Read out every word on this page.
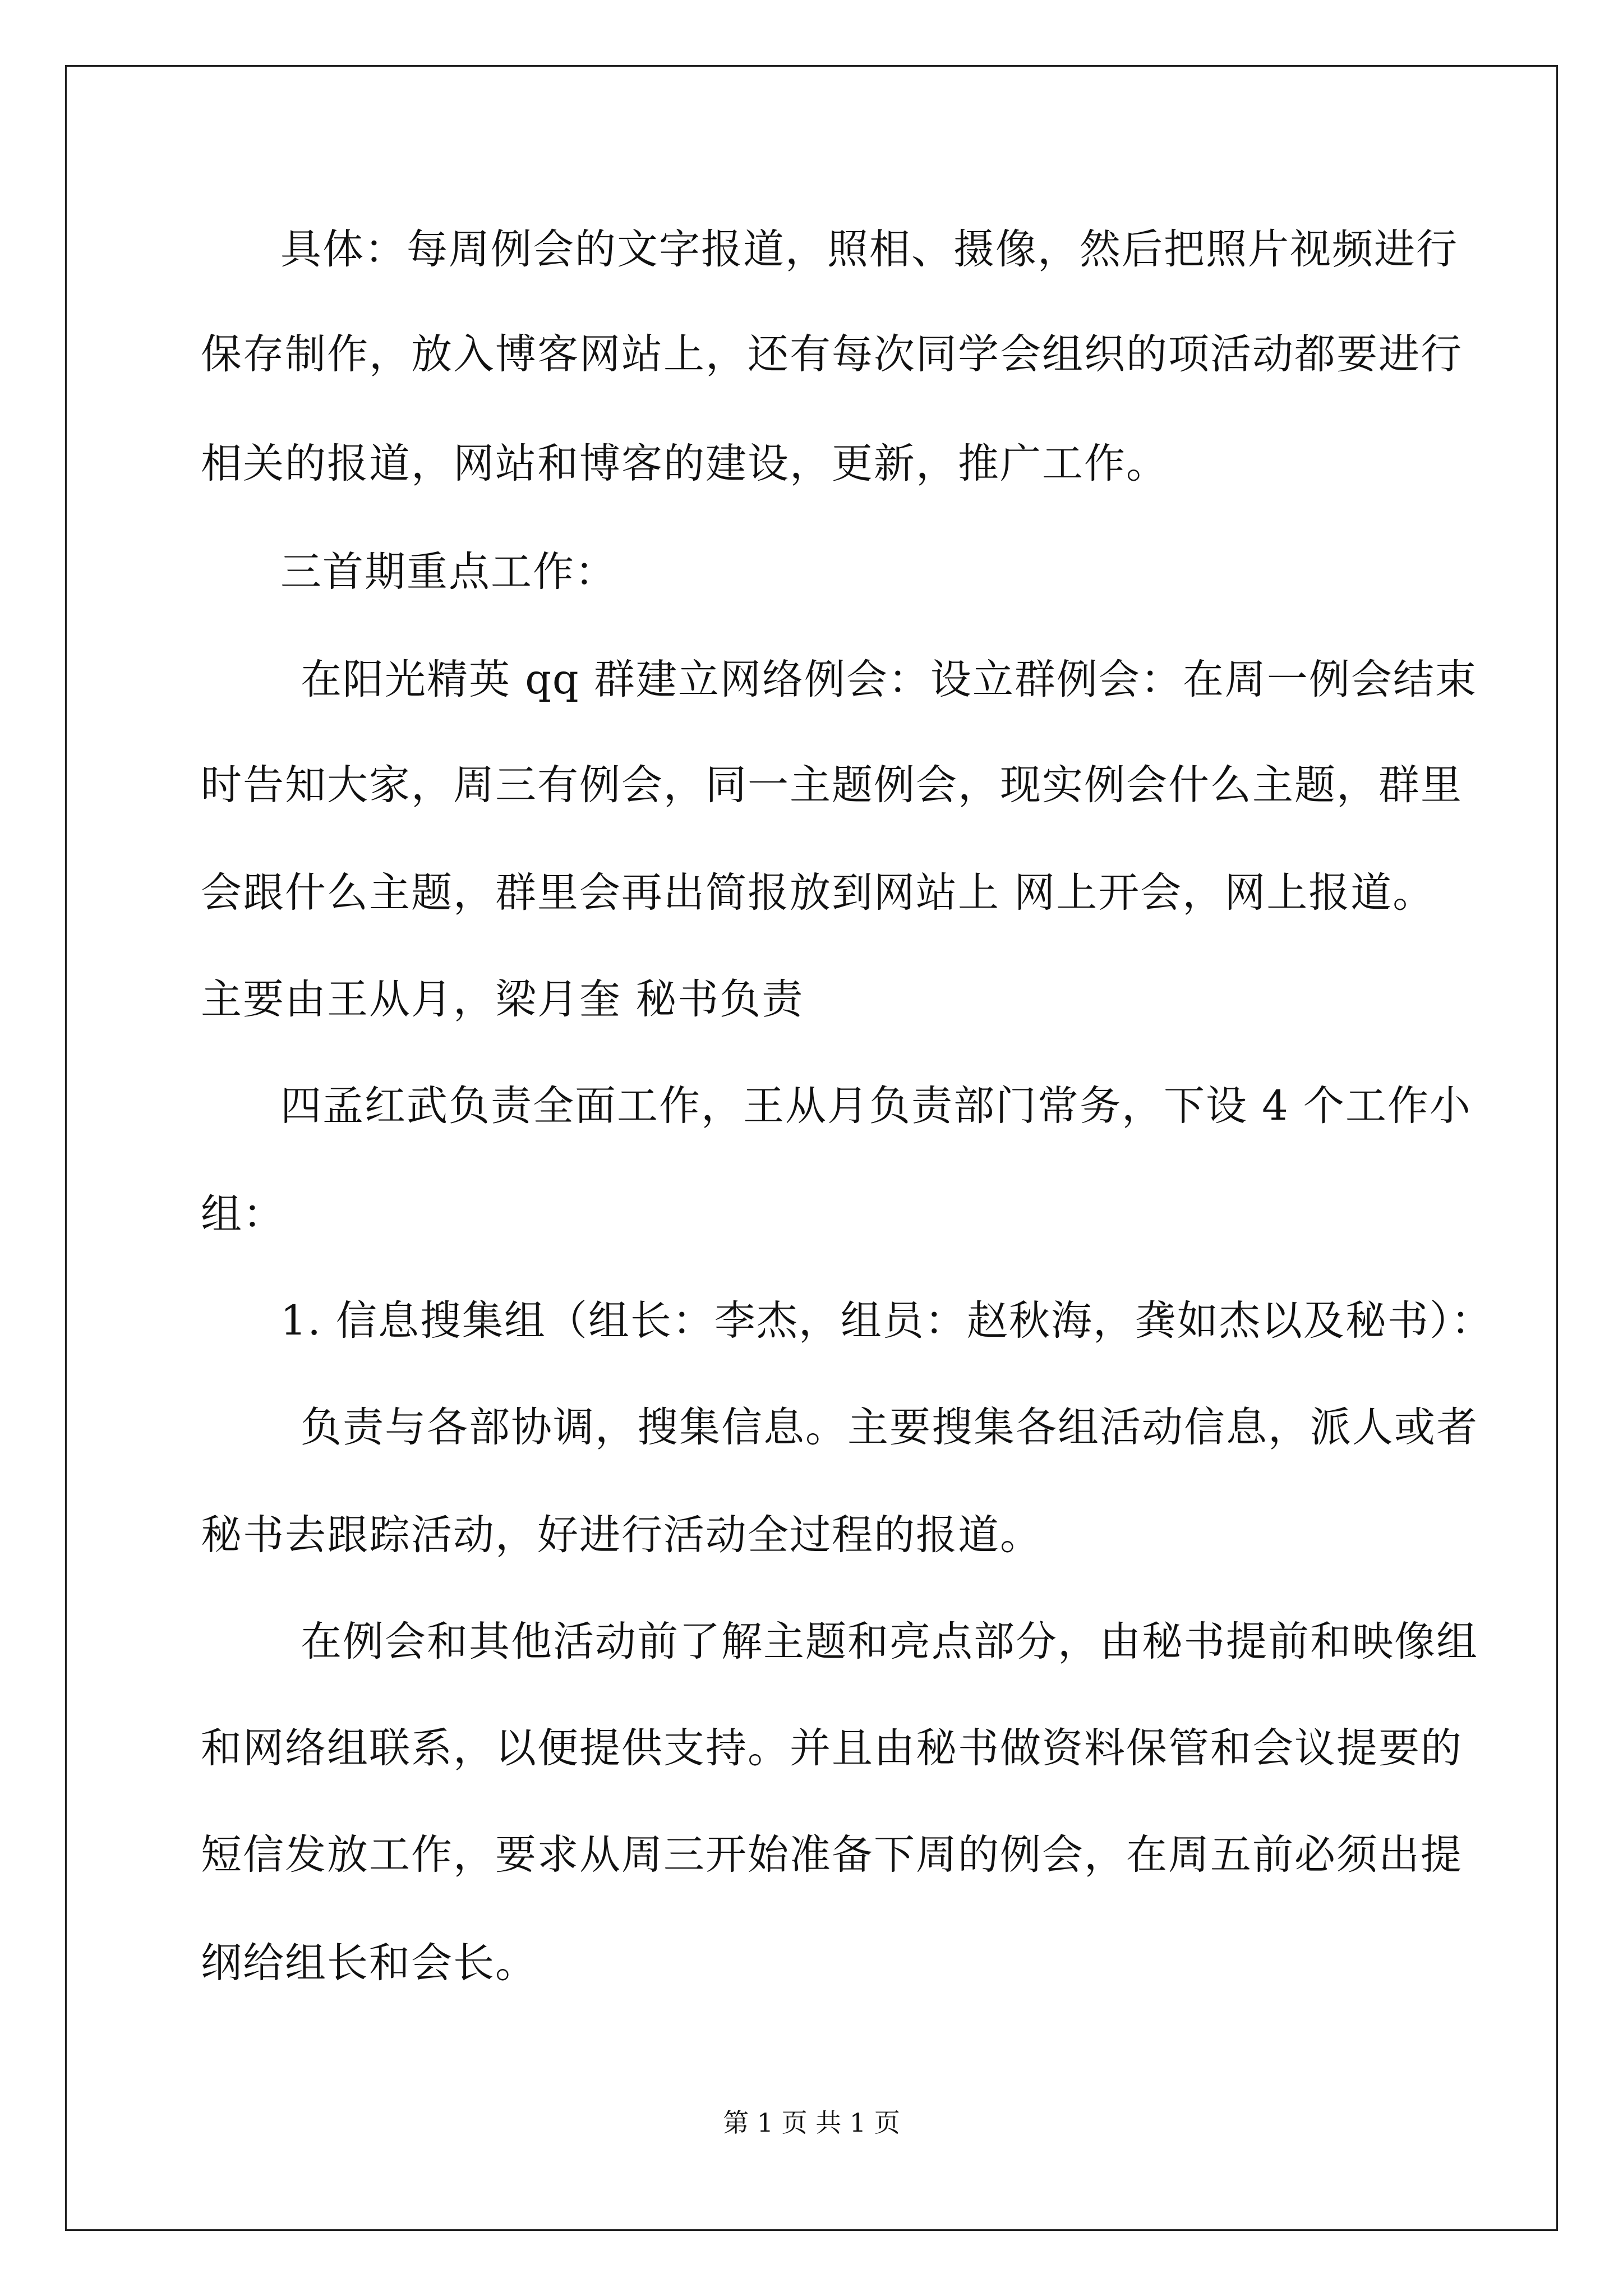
具体：每周例会的文字报道，照相、摄像，然后把照片视频进行
保存制作，放入博客网站上，还有每次同学会组织的项活动都要进行
相关的报道，网站和博客的建设，更新，推广工作。
三首期重点工作：
在阳光精英 qq 群建立网络例会：设立群例会：在周一例会结束
时告知大家，周三有例会，同一主题例会，现实例会什么主题，群里
会跟什么主题，群里会再出简报放到网站上 网上开会，网上报道。
主要由王从月，梁月奎 秘书负责
四孟红武负责全面工作，王从月负责部门常务，下设 4 个工作小
组：
1. 信息搜集组（组长：李杰，组员：赵秋海，龚如杰以及秘书）：
负责与各部协调，搜集信息。主要搜集各组活动信息，派人或者
秘书去跟踪活动，好进行活动全过程的报道。
在例会和其他活动前了解主题和亮点部分，由秘书提前和映像组
和网络组联系，以便提供支持。并且由秘书做资料保管和会议提要的
短信发放工作，要求从周三开始准备下周的例会，在周五前必须出提
纲给组长和会长。
第 1 页 共 1 页
